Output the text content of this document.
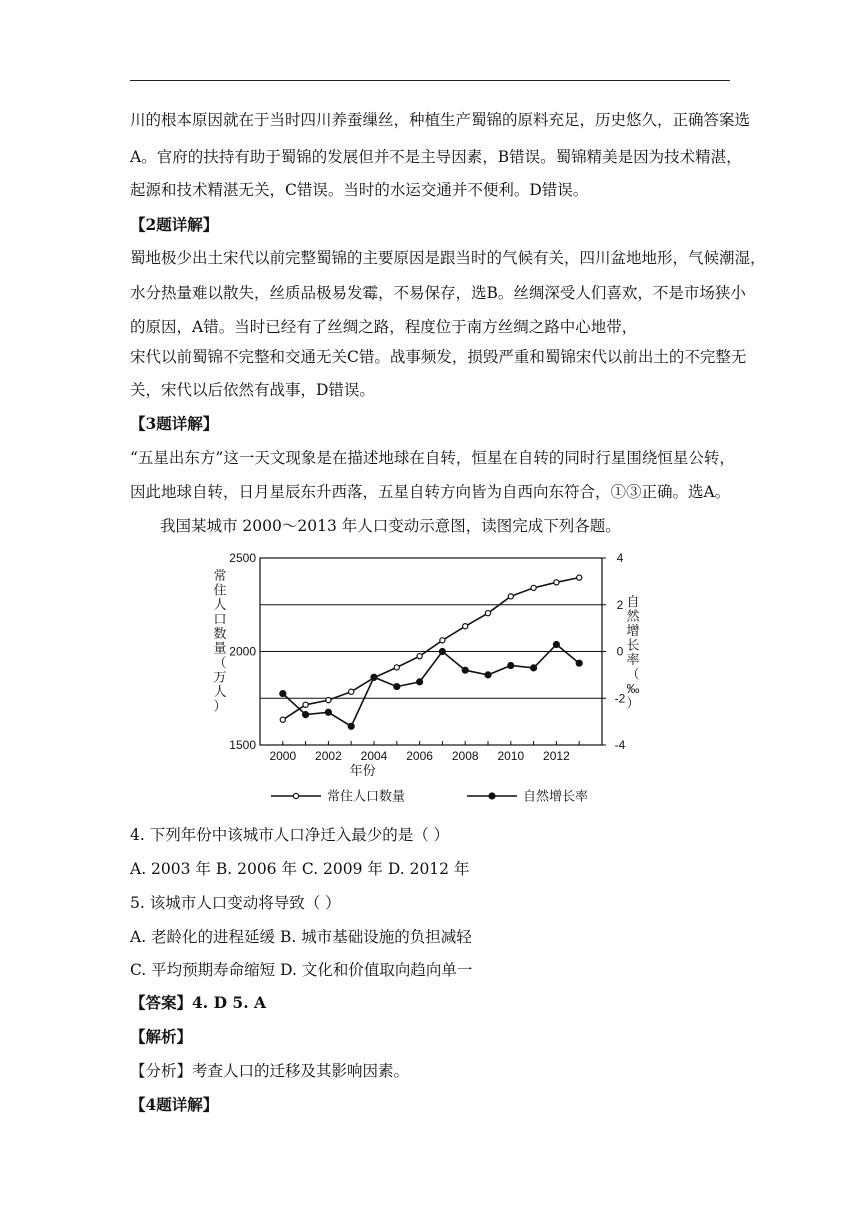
川的根本原因就在于当时四川养蚕缫丝，种植生产蜀锦的原料充足，历史悠久，正确答案选
A。官府的扶持有助于蜀锦的发展但并不是主导因素，B错误。蜀锦精美是因为技术精湛，
起源和技术精湛无关，C错误。当时的水运交通并不便利。D错误。
【2题详解】
蜀地极少出土宋代以前完整蜀锦的主要原因是跟当时的气候有关，四川盆地地形，气候潮湿，
水分热量难以散失，丝质品极易发霉，不易保存，选B。丝绸深受人们喜欢，不是市场狭小
的原因，A错。当时已经有了丝绸之路，程度位于南方丝绸之路中心地带，
宋代以前蜀锦不完整和交通无关C错。战事频发，损毁严重和蜀锦宋代以前出土的不完整无
关，宋代以后依然有战事，D错误。
【3题详解】
“五星出东方”这一天文现象是在描述地球在自转，恒星在自转的同时行星围绕恒星公转，
因此地球自转，日月星辰东升西落，五星自转方向皆为自西向东符合，①③正确。选A。
我国某城市 2000～2013 年人口变动示意图，读图完成下列各题。
2500
2000
1500
4
2
0
-2
-4
2000 2002 2004 2006 2008 2010 2012
年份
常住人口数量（万人）
自然增长率（‰）
常住人口数量	自然增长率
4. 下列年份中该城市人口净迁入最少的是（ ）
A. 2003 年 B. 2006 年 C. 2009 年 D. 2012 年
5. 该城市人口变动将导致（ ）
A. 老龄化的进程延缓 B. 城市基础设施的负担减轻
C. 平均预期寿命缩短 D. 文化和价值取向趋向单一
【答案】4. D 5. A
【解析】
【分析】考查人口的迁移及其影响因素。
【4题详解】
